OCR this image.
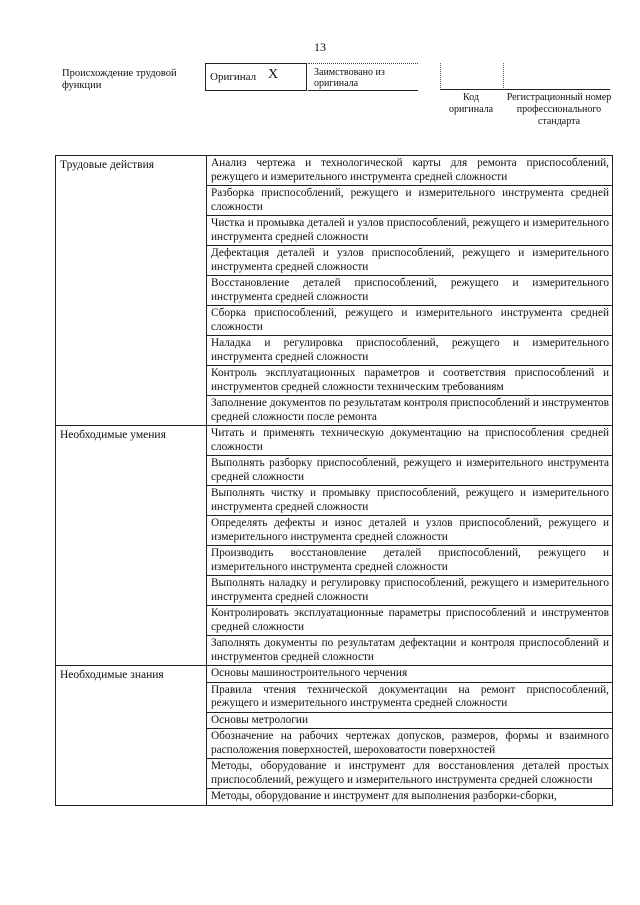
13
Происхождение трудовой функции
Оригинал X	Заимствовано из оригинала
Код оригинала
Регистрационный номер профессионального стандарта
Трудовые действия	Анализ чертежа и технологической карты для ремонта приспособлений, режущего и измерительного инструмента средней сложности
	Разборка приспособлений, режущего и измерительного инструмента средней сложности
	Чистка и промывка деталей и узлов приспособлений, режущего и измерительного инструмента средней сложности
	Дефектация деталей и узлов приспособлений, режущего и измерительного инструмента средней сложности
	Восстановление деталей приспособлений, режущего и измерительного инструмента средней сложности
	Сборка приспособлений, режущего и измерительного инструмента средней сложности
	Наладка и регулировка приспособлений, режущего и измерительного инструмента средней сложности
	Контроль эксплуатационных параметров и соответствия приспособлений и инструментов средней сложности техническим требованиям
	Заполнение документов по результатам контроля приспособлений и инструментов средней сложности после ремонта
Необходимые умения	Читать и применять техническую документацию на приспособления средней сложности
	Выполнять разборку приспособлений, режущего и измерительного инструмента средней сложности
	Выполнять чистку и промывку приспособлений, режущего и измерительного инструмента средней сложности
	Определять дефекты и износ деталей и узлов приспособлений, режущего и измерительного инструмента средней сложности
	Производить восстановление деталей приспособлений, режущего и измерительного инструмента средней сложности
	Выполнять наладку и регулировку приспособлений, режущего и измерительного инструмента средней сложности
	Контролировать эксплуатационные параметры приспособлений и инструментов средней сложности
	Заполнять документы по результатам дефектации и контроля приспособлений и инструментов средней сложности
Необходимые знания	Основы машиностроительного черчения
	Правила чтения технической документации на ремонт приспособлений, режущего и измерительного инструмента средней сложности
	Основы метрологии
	Обозначение на рабочих чертежах допусков, размеров, формы и взаимного расположения поверхностей, шероховатости поверхностей
	Методы, оборудование и инструмент для восстановления деталей простых приспособлений, режущего и измерительного инструмента средней сложности
	Методы, оборудование и инструмент для выполнения разборки-сборки,
